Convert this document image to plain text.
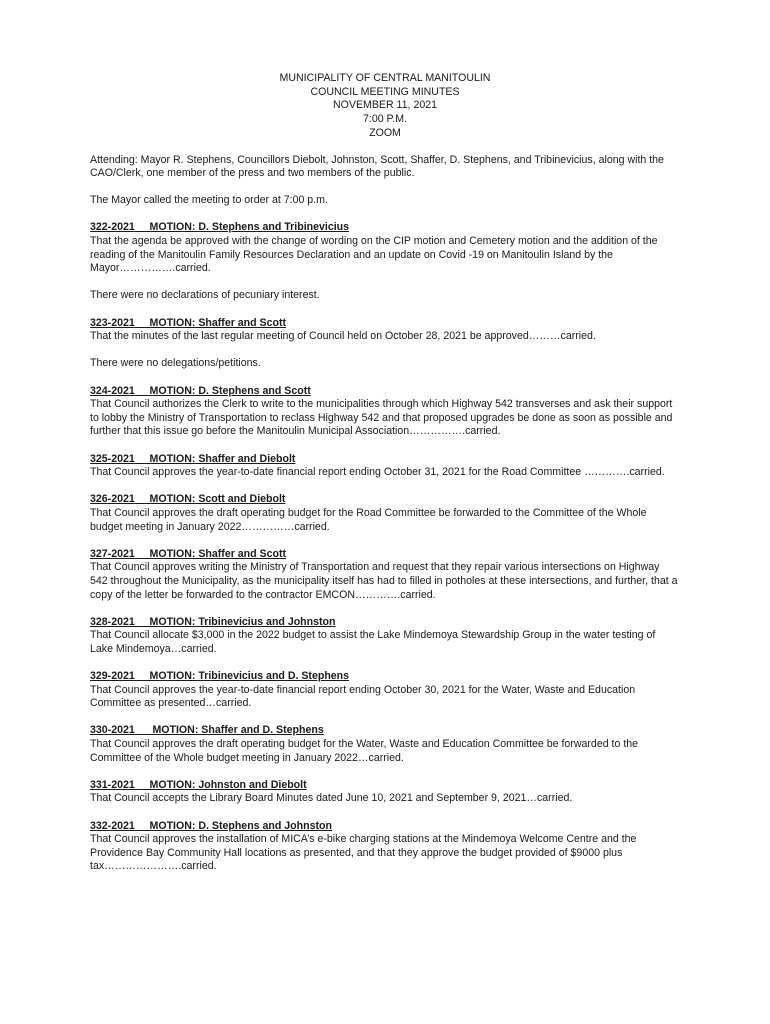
MUNICIPALITY OF CENTRAL MANITOULIN
COUNCIL MEETING MINUTES
NOVEMBER 11, 2021
7:00 P.M.
ZOOM

Attending: Mayor R. Stephens, Councillors Diebolt, Johnston, Scott, Shaffer, D. Stephens, and Tribinevicius, along with the CAO/Clerk, one member of the press and two members of the public.

The Mayor called the meeting to order at 7:00 p.m.

322-2021 MOTION: D. Stephens and Tribinevicius
That the agenda be approved with the change of wording on the CIP motion and Cemetery motion and the addition of the reading of the Manitoulin Family Resources Declaration and an update on Covid -19 on Manitoulin Island by the Mayor…………….carried.

There were no declarations of pecuniary interest.

323-2021 MOTION: Shaffer and Scott
That the minutes of the last regular meeting of Council held on October 28, 2021 be approved………carried.

There were no delegations/petitions.

324-2021 MOTION: D. Stephens and Scott
That Council authorizes the Clerk to write to the municipalities through which Highway 542 transverses and ask their support to lobby the Ministry of Transportation to reclass Highway 542 and that proposed upgrades be done as soon as possible and further that this issue go before the Manitoulin Municipal Association…………….carried.
325-2021 MOTION: Shaffer and Diebolt
That Council approves the year-to-date financial report ending October 31, 2021 for the Road Committee ………….carried.
326-2021 MOTION: Scott and Diebolt
That Council approves the draft operating budget for the Road Committee be forwarded to the Committee of the Whole budget meeting in January 2022……………carried.
327-2021 MOTION: Shaffer and Scott
That Council approves writing the Ministry of Transportation and request that they repair various intersections on Highway 542 throughout the Municipality, as the municipality itself has had to filled in potholes at these intersections, and further, that a copy of the letter be forwarded to the contractor EMCON………….carried.
328-2021 MOTION: Tribinevicius and Johnston
That Council allocate $3,000 in the 2022 budget to assist the Lake Mindemoya Stewardship Group in the water testing of Lake Mindemoya…carried.
329-2021 MOTION: Tribinevicius and D. Stephens
That Council approves the year-to-date financial report ending October 30, 2021 for the Water, Waste and Education Committee as presented…carried.
330-2021      MOTION: Shaffer and D. Stephens
That Council approves the draft operating budget for the Water, Waste and Education Committee be forwarded to the Committee of the Whole budget meeting in January 2022…carried.
331-2021 MOTION: Johnston and Diebolt
That Council accepts the Library Board Minutes dated June 10, 2021 and September 9, 2021…carried.
332-2021 MOTION: D. Stephens and Johnston
That Council approves the installation of MICA’s e-bike charging stations at the Mindemoya Welcome Centre and the Providence Bay Community Hall locations as presented, and that they approve the budget provided of $9000 plus tax………………….carried.
